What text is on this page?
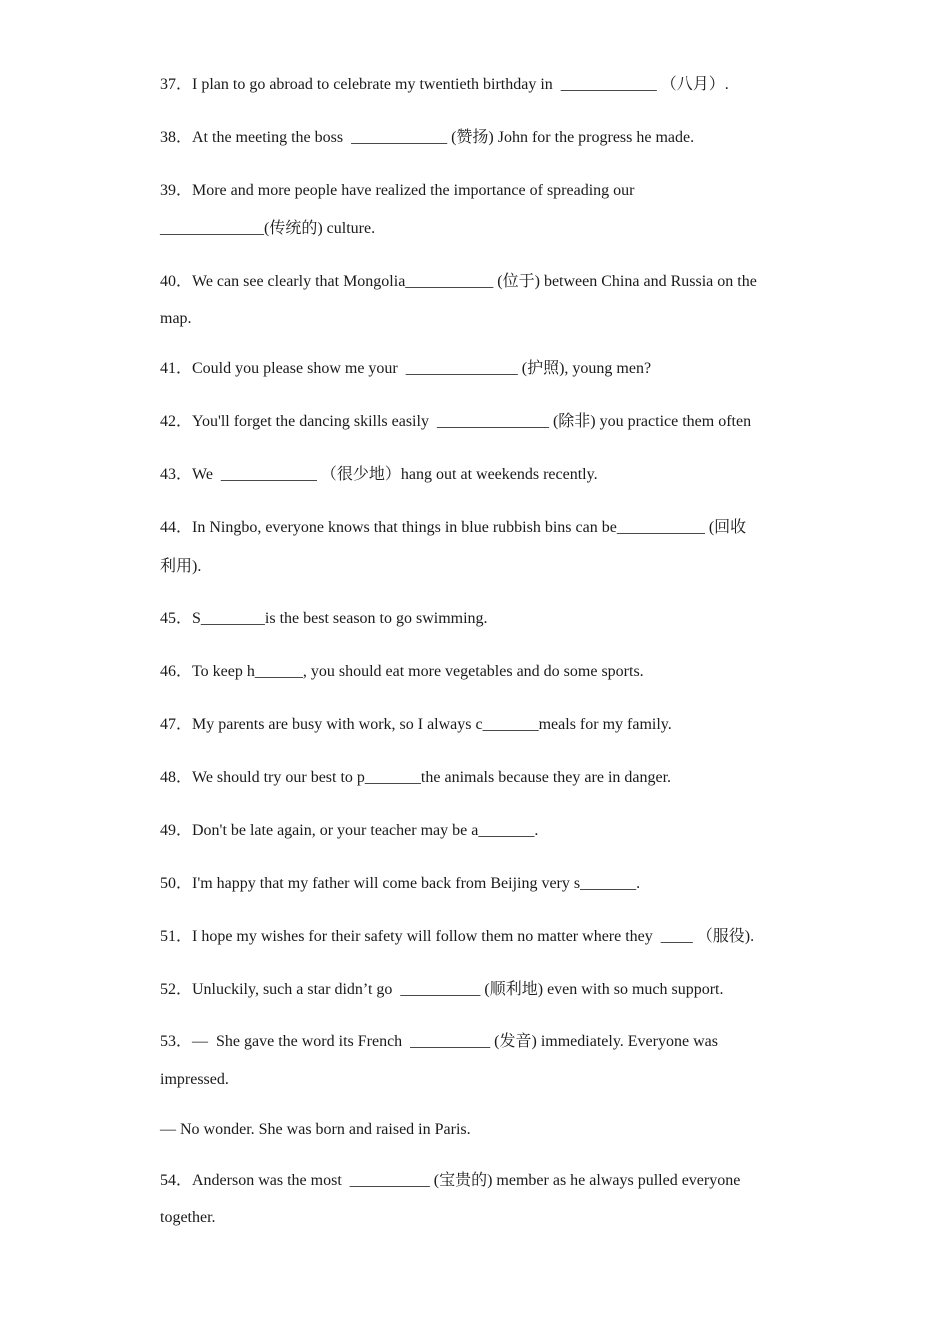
37．I plan to go abroad to celebrate my twentieth birthday in  ____________ （八月）.
38．At the meeting the boss  ____________ (赞扬) John for the progress he made.
39．More and more people have realized the importance of spreading our
_____________(传统的) culture.
40．We can see clearly that Mongolia___________ (位于) between China and Russia on the
map.
41．Could you please show me your  ______________ (护照), young men?
42．You'll forget the dancing skills easily  ______________ (除非) you practice them often
43．We  ____________ （很少地）hang out at weekends recently.
44．In Ningbo, everyone knows that things in blue rubbish bins can be___________ (回收
利用).
45．S________is the best season to go swimming.
46．To keep h______, you should eat more vegetables and do some sports.
47．My parents are busy with work, so I always c_______meals for my family.
48．We should try our best to p_______the animals because they are in danger.
49．Don't be late again, or your teacher may be a_______.
50．I'm happy that my father will come back from Beijing very s_______.
51．I hope my wishes for their safety will follow them no matter where they  ____ （服役).
52．Unluckily, such a star didn’t go  __________ (顺利地) even with so much support.
53．—  She gave the word its French  __________ (发音) immediately. Everyone was
impressed.
— No wonder. She was born and raised in Paris.
54．Anderson was the most  __________ (宝贵的) member as he always pulled everyone
together.
